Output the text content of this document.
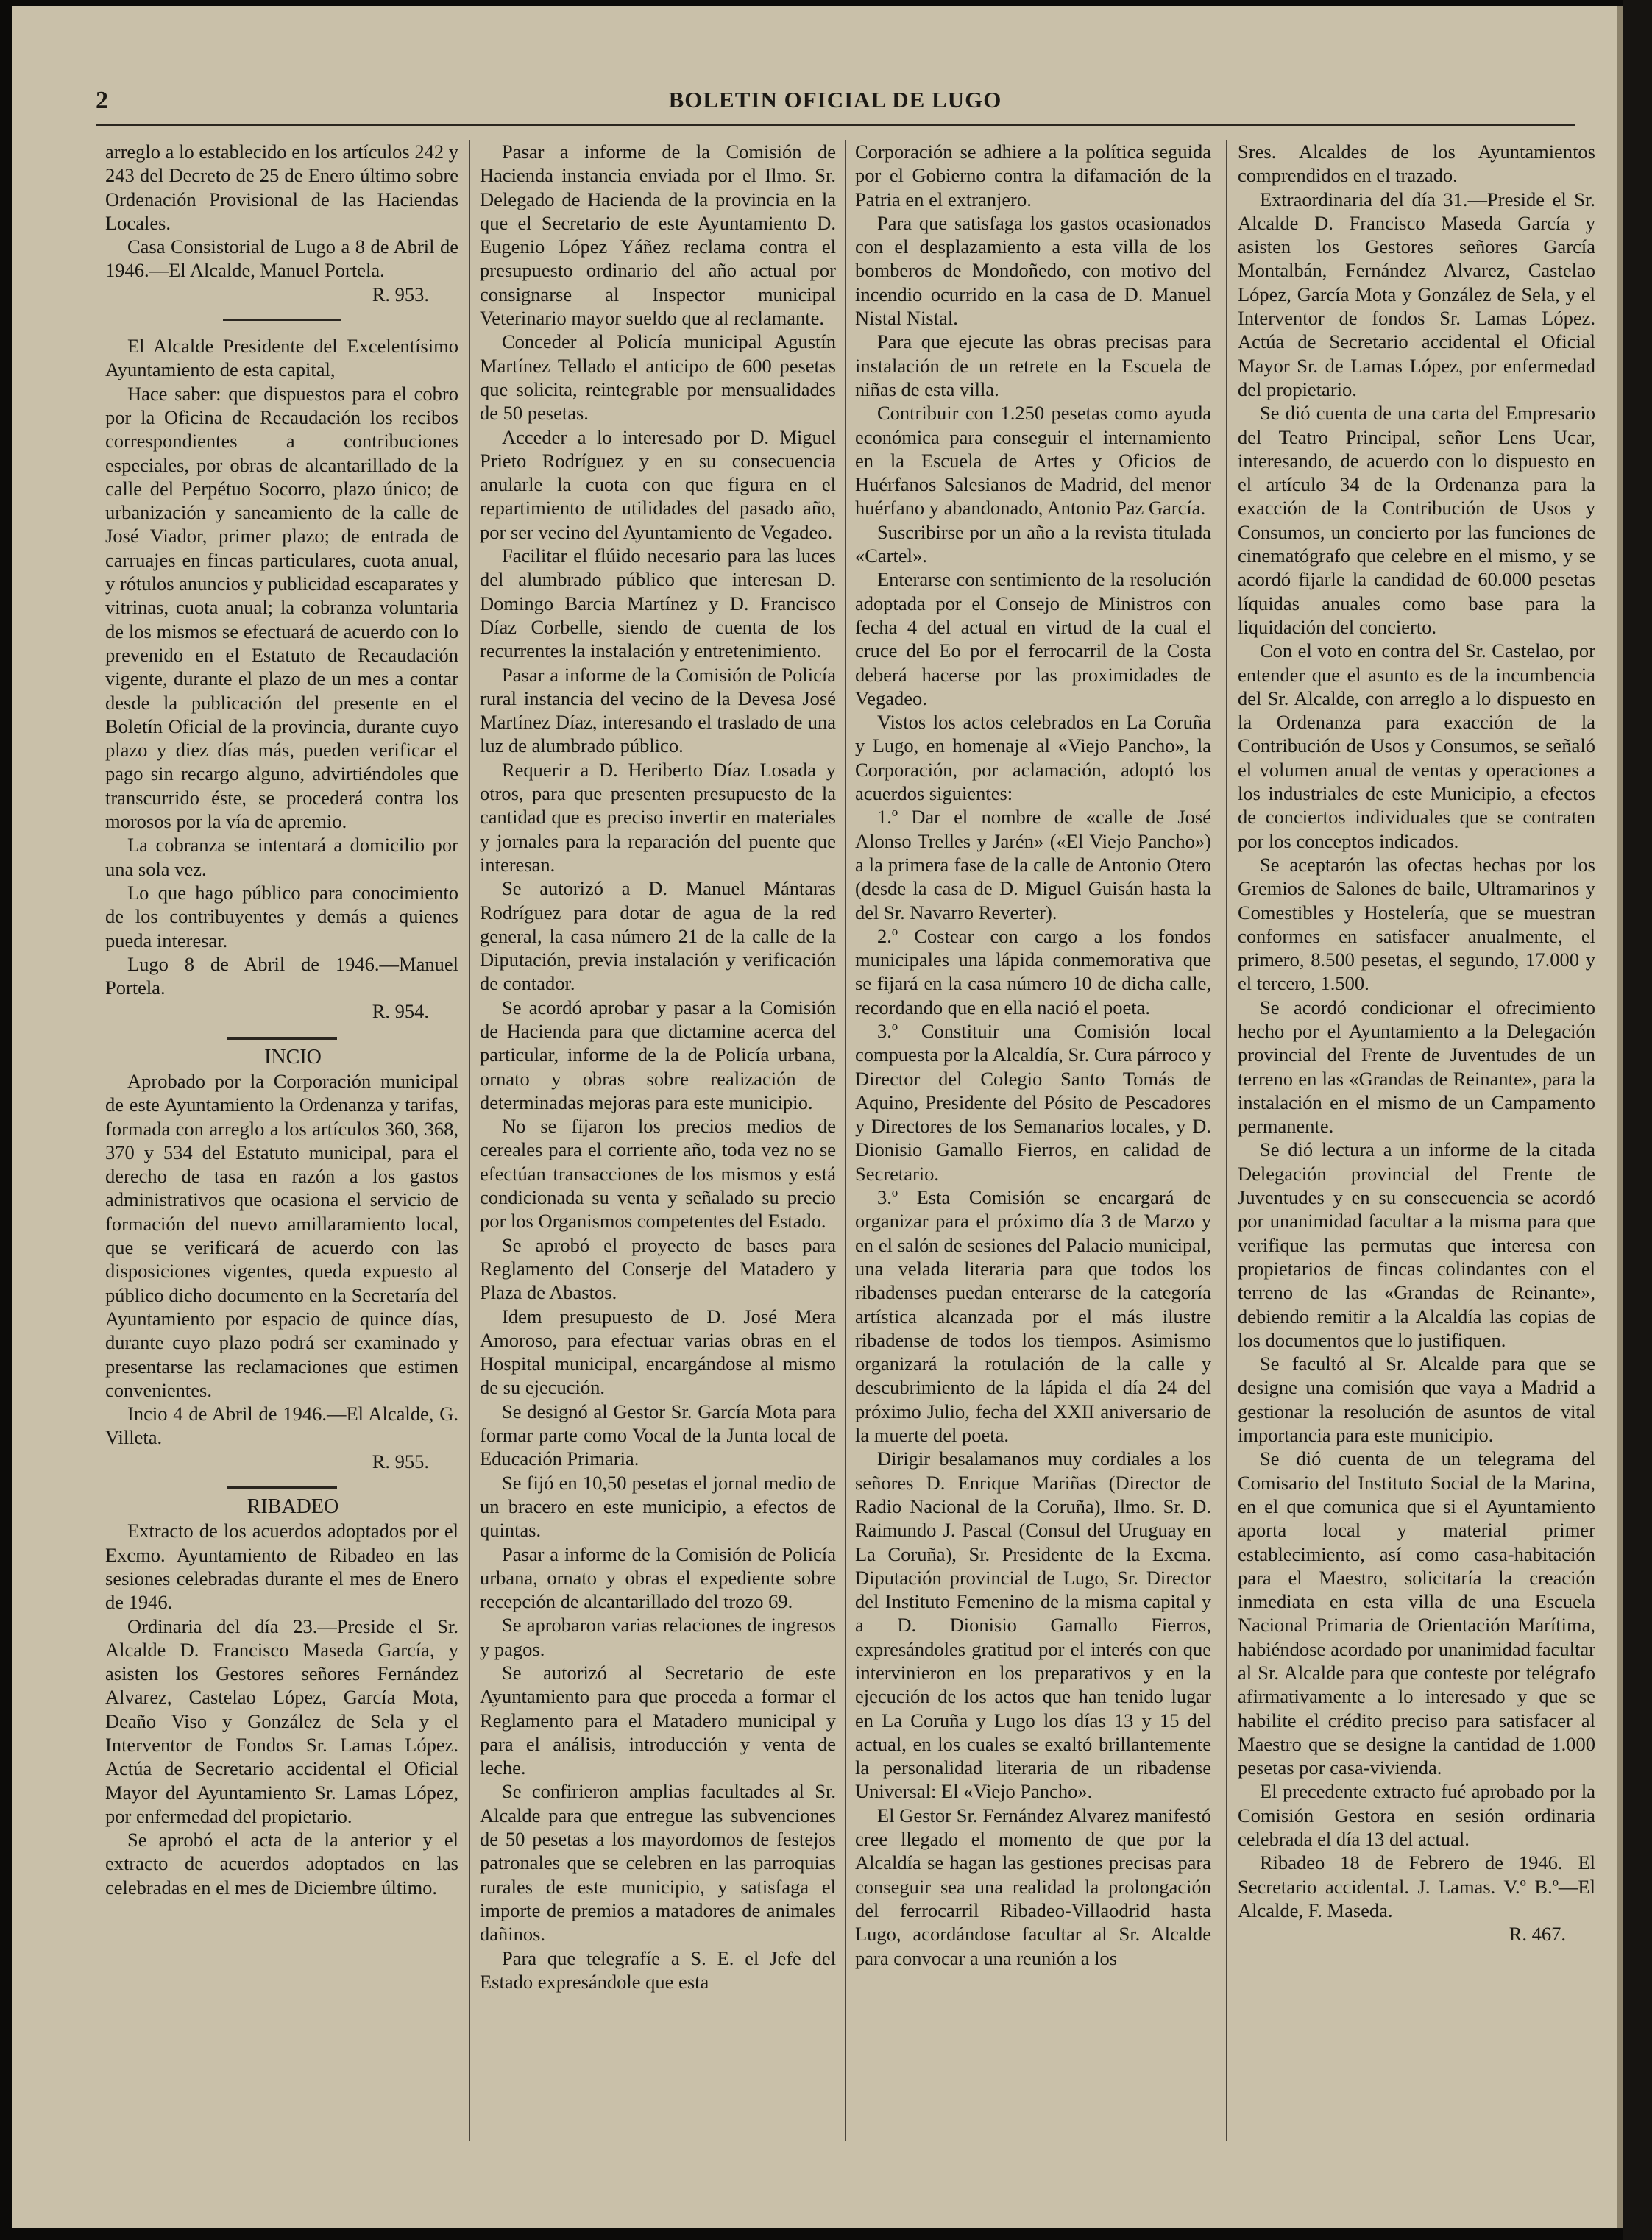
2	BOLETIN OFICIAL DE LUGO

arreglo a lo establecido en los artículos 242 y 243 del Decreto de 25 de Enero último sobre Ordenación Provisional de las Haciendas Locales.

Casa Consistorial de Lugo a 8 de Abril de 1946.—El Alcalde, Manuel Portela.

R. 953.

El Alcalde Presidente del Excelentísimo Ayuntamiento de esta capital,

Hace saber: que dispuestos para el cobro por la Oficina de Recaudación los recibos correspondientes a contribuciones especiales, por obras de alcantarillado de la calle del Perpétuo Socorro, plazo único; de urbanización y saneamiento de la calle de José Viador, primer plazo; de entrada de carruajes en fincas particulares, cuota anual, y rótulos anuncios y publicidad escaparates y vitrinas, cuota anual; la cobranza voluntaria de los mismos se efectuará de acuerdo con lo prevenido en el Estatuto de Recaudación vigente, durante el plazo de un mes a contar desde la publicación del presente en el Boletín Oficial de la provincia, durante cuyo plazo y diez días más, pueden verificar el pago sin recargo alguno, advirtiéndoles que transcurrido éste, se procederá contra los morosos por la vía de apremio.

La cobranza se intentará a domicilio por una sola vez.

Lo que hago público para conocimiento de los contribuyentes y demás a quienes pueda interesar.

Lugo 8 de Abril de 1946.—Manuel Portela.

R. 954.

INCIO

Aprobado por la Corporación municipal de este Ayuntamiento la Ordenanza y tarifas, formada con arreglo a los artículos 360, 368, 370 y 534 del Estatuto municipal, para el derecho de tasa en razón a los gastos administrativos que ocasiona el servicio de formación del nuevo amillaramiento local, que se verificará de acuerdo con las disposiciones vigentes, queda expuesto al público dicho documento en la Secretaría del Ayuntamiento por espacio de quince días, durante cuyo plazo podrá ser examinado y presentarse las reclamaciones que estimen convenientes.

Incio 4 de Abril de 1946.—El Alcalde, G. Villeta.

R. 955.

RIBADEO

Extracto de los acuerdos adoptados por el Excmo. Ayuntamiento de Ribadeo en las sesiones celebradas durante el mes de Enero de 1946.

Ordinaria del día 23.—Preside el Sr. Alcalde D. Francisco Maseda García, y asisten los Gestores señores Fernández Alvarez, Castelao López, García Mota, Deaño Viso y González de Sela y el Interventor de Fondos Sr. Lamas López. Actúa de Secretario accidental el Oficial Mayor del Ayuntamiento Sr. Lamas López, por enfermedad del propietario.

Se aprobó el acta de la anterior y el extracto de acuerdos adoptados en las celebradas en el mes de Diciembre último.

Pasar a informe de la Comisión de Hacienda instancia enviada por el Ilmo. Sr. Delegado de Hacienda de la provincia en la que el Secretario de este Ayuntamiento D. Eugenio López Yáñez reclama contra el presupuesto ordinario del año actual por consignarse al Inspector municipal Veterinario mayor sueldo que al reclamante.

Conceder al Policía municipal Agustín Martínez Tellado el anticipo de 600 pesetas que solicita, reintegrable por mensualidades de 50 pesetas.

Acceder a lo interesado por D. Miguel Prieto Rodríguez y en su consecuencia anularle la cuota con que figura en el repartimiento de utilidades del pasado año, por ser vecino del Ayuntamiento de Vegadeo.

Facilitar el flúido necesario para las luces del alumbrado público que interesan D. Domingo Barcia Martínez y D. Francisco Díaz Corbelle, siendo de cuenta de los recurrentes la instalación y entretenimiento.

Pasar a informe de la Comisión de Policía rural instancia del vecino de la Devesa José Martínez Díaz, interesando el traslado de una luz de alumbrado público.

Requerir a D. Heriberto Díaz Losada y otros, para que presenten presupuesto de la cantidad que es preciso invertir en materiales y jornales para la reparación del puente que interesan.

Se autorizó a D. Manuel Mántaras Rodríguez para dotar de agua de la red general, la casa número 21 de la calle de la Diputación, previa instalación y verificación de contador.

Se acordó aprobar y pasar a la Comisión de Hacienda para que dictamine acerca del particular, informe de la de Policía urbana, ornato y obras sobre realización de determinadas mejoras para este municipio.

No se fijaron los precios medios de cereales para el corriente año, toda vez no se efectúan transacciones de los mismos y está condicionada su venta y señalado su precio por los Organismos competentes del Estado.

Se aprobó el proyecto de bases para Reglamento del Conserje del Matadero y Plaza de Abastos.

Idem presupuesto de D. José Mera Amoroso, para efectuar varias obras en el Hospital municipal, encargándose al mismo de su ejecución.

Se designó al Gestor Sr. García Mota para formar parte como Vocal de la Junta local de Educación Primaria.

Se fijó en 10,50 pesetas el jornal medio de un bracero en este municipio, a efectos de quintas.

Pasar a informe de la Comisión de Policía urbana, ornato y obras el expediente sobre recepción de alcantarillado del trozo 69.

Se aprobaron varias relaciones de ingresos y pagos.

Se autorizó al Secretario de este Ayuntamiento para que proceda a formar el Reglamento para el Matadero municipal y para el análisis, introducción y venta de leche.

Se confirieron amplias facultades al Sr. Alcalde para que entregue las subvenciones de 50 pesetas a los mayordomos de festejos patronales que se celebren en las parroquias rurales de este municipio, y satisfaga el importe de premios a matadores de animales dañinos.

Para que telegrafíe a S. E. el Jefe del Estado expresándole que esta

Corporación se adhiere a la política seguida por el Gobierno contra la difamación de la Patria en el extranjero.

Para que satisfaga los gastos ocasionados con el desplazamiento a esta villa de los bomberos de Mondoñedo, con motivo del incendio ocurrido en la casa de D. Manuel Nistal Nistal.

Para que ejecute las obras precisas para instalación de un retrete en la Escuela de niñas de esta villa.

Contribuir con 1.250 pesetas como ayuda económica para conseguir el internamiento en la Escuela de Artes y Oficios de Huérfanos Salesianos de Madrid, del menor huérfano y abandonado, Antonio Paz García.

Suscribirse por un año a la revista titulada «Cartel».

Enterarse con sentimiento de la resolución adoptada por el Consejo de Ministros con fecha 4 del actual en virtud de la cual el cruce del Eo por el ferrocarril de la Costa deberá hacerse por las proximidades de Vegadeo.

Vistos los actos celebrados en La Coruña y Lugo, en homenaje al «Viejo Pancho», la Corporación, por aclamación, adoptó los acuerdos siguientes:

1.º Dar el nombre de «calle de José Alonso Trelles y Jarén» («El Viejo Pancho») a la primera fase de la calle de Antonio Otero (desde la casa de D. Miguel Guisán hasta la del Sr. Navarro Reverter).

2.º Costear con cargo a los fondos municipales una lápida conmemorativa que se fijará en la casa número 10 de dicha calle, recordando que en ella nació el poeta.

3.º Constituir una Comisión local compuesta por la Alcaldía, Sr. Cura párroco y Director del Colegio Santo Tomás de Aquino, Presidente del Pósito de Pescadores y Directores de los Semanarios locales, y D. Dionisio Gamallo Fierros, en calidad de Secretario.

3.º Esta Comisión se encargará de organizar para el próximo día 3 de Marzo y en el salón de sesiones del Palacio municipal, una velada literaria para que todos los ribadenses puedan enterarse de la categoría artística alcanzada por el más ilustre ribadense de todos los tiempos. Asimismo organizará la rotulación de la calle y descubrimiento de la lápida el día 24 del próximo Julio, fecha del XXII aniversario de la muerte del poeta.

Dirigir besalamanos muy cordiales a los señores D. Enrique Mariñas (Director de Radio Nacional de la Coruña), Ilmo. Sr. D. Raimundo J. Pascal (Consul del Uruguay en La Coruña), Sr. Presidente de la Excma. Diputación provincial de Lugo, Sr. Director del Instituto Femenino de la misma capital y a D. Dionisio Gamallo Fierros, expresándoles gratitud por el interés con que intervinieron en los preparativos y en la ejecución de los actos que han tenido lugar en La Coruña y Lugo los días 13 y 15 del actual, en los cuales se exaltó brillantemente la personalidad literaria de un ribadense Universal: El «Viejo Pancho».

El Gestor Sr. Fernández Alvarez manifestó cree llegado el momento de que por la Alcaldía se hagan las gestiones precisas para conseguir sea una realidad la prolongación del ferrocarril Ribadeo-Villaodrid hasta Lugo, acordándose facultar al Sr. Alcalde para convocar a una reunión a los

Sres. Alcaldes de los Ayuntamientos comprendidos en el trazado.

Extraordinaria del día 31.—Preside el Sr. Alcalde D. Francisco Maseda García y asisten los Gestores señores García Montalbán, Fernández Alvarez, Castelao López, García Mota y González de Sela, y el Interventor de fondos Sr. Lamas López. Actúa de Secretario accidental el Oficial Mayor Sr. de Lamas López, por enfermedad del propietario.

Se dió cuenta de una carta del Empresario del Teatro Principal, señor Lens Ucar, interesando, de acuerdo con lo dispuesto en el artículo 34 de la Ordenanza para la exacción de la Contribución de Usos y Consumos, un concierto por las funciones de cinematógrafo que celebre en el mismo, y se acordó fijarle la candidad de 60.000 pesetas líquidas anuales como base para la liquidación del concierto.

Con el voto en contra del Sr. Castelao, por entender que el asunto es de la incumbencia del Sr. Alcalde, con arreglo a lo dispuesto en la Ordenanza para exacción de la Contribución de Usos y Consumos, se señaló el volumen anual de ventas y operaciones a los industriales de este Municipio, a efectos de conciertos individuales que se contraten por los conceptos indicados.

Se aceptarón las ofectas hechas por los Gremios de Salones de baile, Ultramarinos y Comestibles y Hostelería, que se muestran conformes en satisfacer anualmente, el primero, 8.500 pesetas, el segundo, 17.000 y el tercero, 1.500.

Se acordó condicionar el ofrecimiento hecho por el Ayuntamiento a la Delegación provincial del Frente de Juventudes de un terreno en las «Grandas de Reinante», para la instalación en el mismo de un Campamento permanente.

Se dió lectura a un informe de la citada Delegación provincial del Frente de Juventudes y en su consecuencia se acordó por unanimidad facultar a la misma para que verifique las permutas que interesa con propietarios de fincas colindantes con el terreno de las «Grandas de Reinante», debiendo remitir a la Alcaldía las copias de los documentos que lo justifiquen.

Se facultó al Sr. Alcalde para que se designe una comisión que vaya a Madrid a gestionar la resolución de asuntos de vital importancia para este municipio.

Se dió cuenta de un telegrama del Comisario del Instituto Social de la Marina, en el que comunica que si el Ayuntamiento aporta local y material primer establecimiento, así como casa-habitación para el Maestro, solicitaría la creación inmediata en esta villa de una Escuela Nacional Primaria de Orientación Marítima, habiéndose acordado por unanimidad facultar al Sr. Alcalde para que conteste por telégrafo afirmativamente a lo interesado y que se habilite el crédito preciso para satisfacer al Maestro que se designe la cantidad de 1.000 pesetas por casa-vivienda.

El precedente extracto fué aprobado por la Comisión Gestora en sesión ordinaria celebrada el día 13 del actual.

Ribadeo 18 de Febrero de 1946. El Secretario accidental. J. Lamas. V.º B.º—El Alcalde, F. Maseda.

R. 467.
